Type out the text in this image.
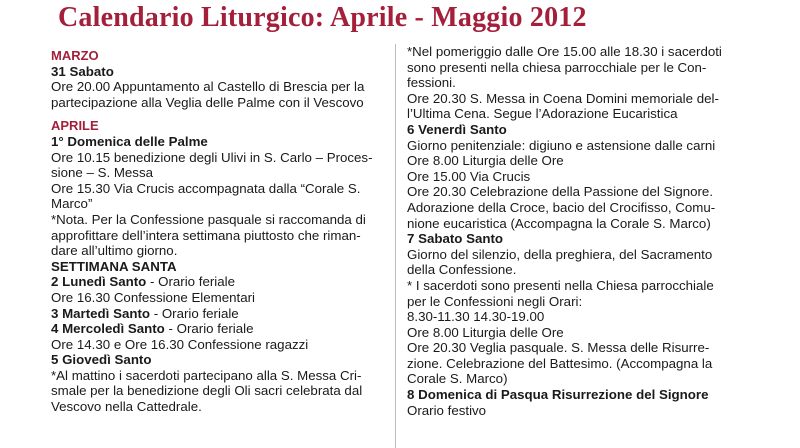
Calendario Liturgico: Aprile - Maggio 2012
MARZO
31 Sabato
Ore 20.00 Appuntamento al Castello di Brescia per la
partecipazione alla Veglia delle Palme con il Vescovo
APRILE
1° Domenica delle Palme
Ore 10.15 benedizione degli Ulivi in S. Carlo – Proces-
sione – S. Messa
Ore 15.30 Via Crucis accompagnata dalla “Corale S.
Marco”
*Nota. Per la Confessione pasquale si raccomanda di
approfittare dell’intera settimana piuttosto che riman-
dare all’ultimo giorno.
SETTIMANA SANTA
2 Lunedì Santo - Orario feriale
Ore 16.30 Confessione Elementari
3 Martedì Santo - Orario feriale
4 Mercoledì Santo - Orario feriale
Ore 14.30 e Ore 16.30 Confessione ragazzi
5 Giovedì Santo
*Al mattino i sacerdoti partecipano alla S. Messa Cri-
smale per la benedizione degli Oli sacri celebrata dal
Vescovo nella Cattedrale.
*Nel pomeriggio dalle Ore 15.00 alle 18.30 i sacerdoti
sono presenti nella chiesa parrocchiale per le Con-
fessioni.
Ore 20.30 S. Messa in Coena Domini memoriale del-
l’Ultima Cena. Segue l’Adorazione Eucaristica
6 Venerdì Santo
Giorno penitenziale: digiuno e astensione dalle carni
Ore 8.00 Liturgia delle Ore
Ore 15.00 Via Crucis
Ore 20.30 Celebrazione della Passione del Signore.
Adorazione della Croce, bacio del Crocifisso, Comu-
nione eucaristica (Accompagna la Corale S. Marco)
7 Sabato Santo
Giorno del silenzio, della preghiera, del Sacramento
della Confessione.
* I sacerdoti sono presenti nella Chiesa parrocchiale
per le Confessioni negli Orari:
8.30-11.30 14.30-19.00
Ore 8.00 Liturgia delle Ore
Ore 20.30 Veglia pasquale. S. Messa delle Risurre-
zione. Celebrazione del Battesimo. (Accompagna la
Corale S. Marco)
8 Domenica di Pasqua Risurrezione del Signore
Orario festivo
